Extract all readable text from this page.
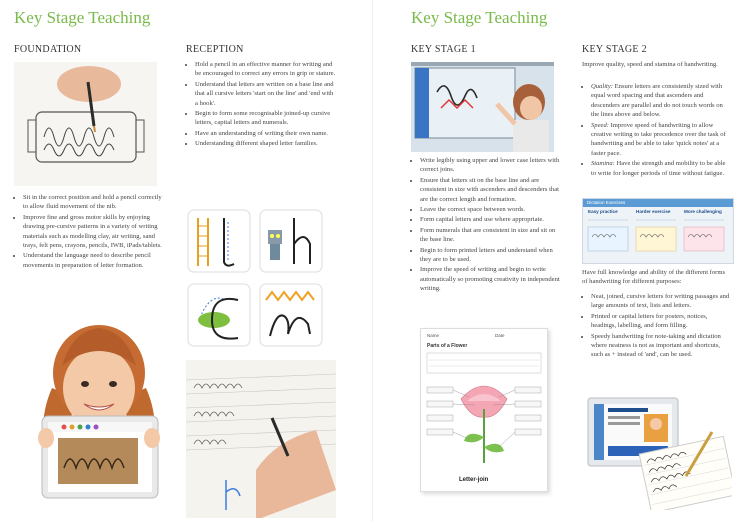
Key Stage Teaching
FOUNDATION
• Sit in the correct position and hold a pencil correctly to allow fluid movement of the nib.
• Improve fine and gross motor skills by enjoying drawing pre-cursive patterns in a variety of writing materials such as modelling clay, air writing, sand trays, felt pens, crayons, pencils, IWB, iPads/tablets.
• Understand the language need to describe pencil movements in preparation of letter formation.
RECEPTION
• Hold a pencil in an effective manner for writing and be encouraged to correct any errors in grip or stature.
• Understand that letters are written on a base line and that all cursive letters 'start on the line' and 'end with a hook'.
• Begin to form some recognisable joined-up cursive letters, capital letters and numerals.
• Have an understanding of writing their own name.
• Understanding different shaped letter families.
Key Stage Teaching
KEY STAGE 1
• Write legibly using upper and lower case letters with correct joins.
• Ensure that letters sit on the base line and are consistent in size with ascenders and descenders that are the correct length and formation.
• Leave the correct space between words.
• Form capital letters and use where appropriate.
• Form numerals that are consistent in size and sit on the base line.
• Begin to form printed letters and understand when they are to be used.
• Improve the speed of writing and begin to write automatically so promoting creativity in independent writing.
Name	Date
Parts of a Flower
Letter-join
KEY STAGE 2
Improve quality, speed and stamina of handwriting.
• Quality: Ensure letters are consistently sized with equal word spacing and that ascenders and descenders are parallel and do not touch words on the lines above and below.
• Speed: Improve speed of handwriting to allow creative writing to take precedence over the task of handwriting and be able to take 'quick notes' at a faster pace.
• Stamina: Have the strength and mobility to be able to write for longer periods of time without fatigue.
Dictation Exercises
Easy practice	Harder exercise	More challenging
Have full knowledge and ability of the different forms of handwriting for different purposes:
• Neat, joined, cursive letters for writing passages and large amounts of text, lists and letters.
• Printed or capital letters for posters, notices, headings, labelling, and form filling.
• Speedy handwriting for note-taking and dictation where neatness is not as important and shortcuts, such as + instead of 'and', can be used.
